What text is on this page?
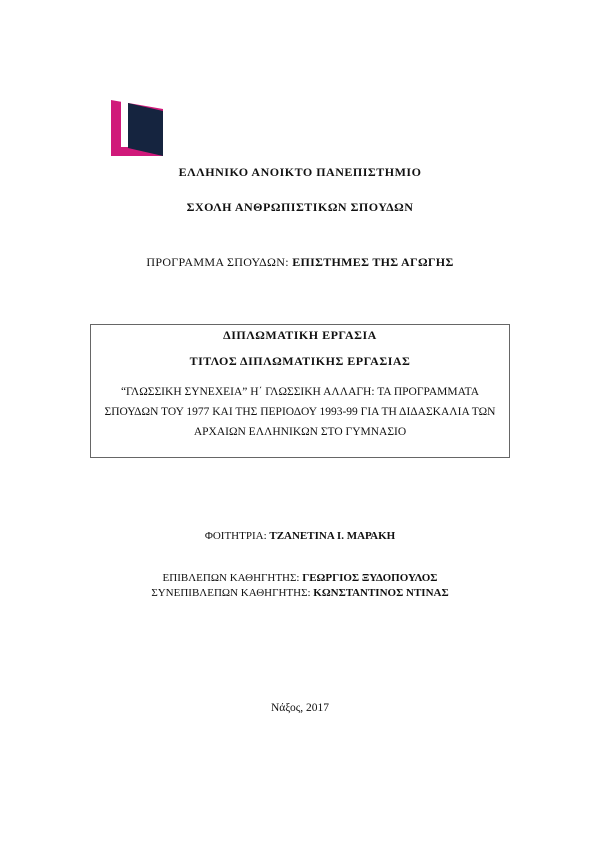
ΕΛΛΗΝΙΚΟ ΑΝΟΙΚΤΟ ΠΑΝΕΠΙΣΤΗΜΙΟ
ΣΧΟΛΗ ΑΝΘΡΩΠΙΣΤΙΚΩΝ ΣΠΟΥΔΩΝ
ΠΡΟΓΡΑΜΜΑ ΣΠΟΥΔΩΝ: ΕΠΙΣΤΗΜΕΣ ΤΗΣ ΑΓΩΓΗΣ
ΔΙΠΛΩΜΑΤΙΚΗ ΕΡΓΑΣΙΑ
ΤΙΤΛΟΣ ΔΙΠΛΩΜΑΤΙΚΗΣ ΕΡΓΑΣΙΑΣ
“ΓΛΩΣΣΙΚΗ ΣΥΝΕΧΕΙΑ” Η΄ ΓΛΩΣΣΙΚΗ ΑΛΛΑΓΗ: ΤΑ ΠΡΟΓΡΑΜΜΑΤΑ ΣΠΟΥΔΩΝ ΤΟΥ 1977 ΚΑΙ ΤΗΣ ΠΕΡΙΟΔΟΥ 1993-99 ΓΙΑ ΤΗ ΔΙΔΑΣΚΑΛΙΑ ΤΩΝ ΑΡΧΑΙΩΝ ΕΛΛΗΝΙΚΩΝ ΣΤΟ ΓΥΜΝΑΣΙΟ
ΦΟΙΤΗΤΡΙΑ: ΤΖΑΝΕΤΙΝΑ Ι. ΜΑΡΑΚΗ
ΕΠΙΒΛΕΠΩΝ ΚΑΘΗΓΗΤΗΣ: ΓΕΩΡΓΙΟΣ ΞΥΔΟΠΟΥΛΟΣ
ΣΥΝΕΠΙΒΛΕΠΩΝ ΚΑΘΗΓΗΤΗΣ: ΚΩΝΣΤΑΝΤΙΝΟΣ ΝΤΙΝΑΣ
Νάξος, 2017
